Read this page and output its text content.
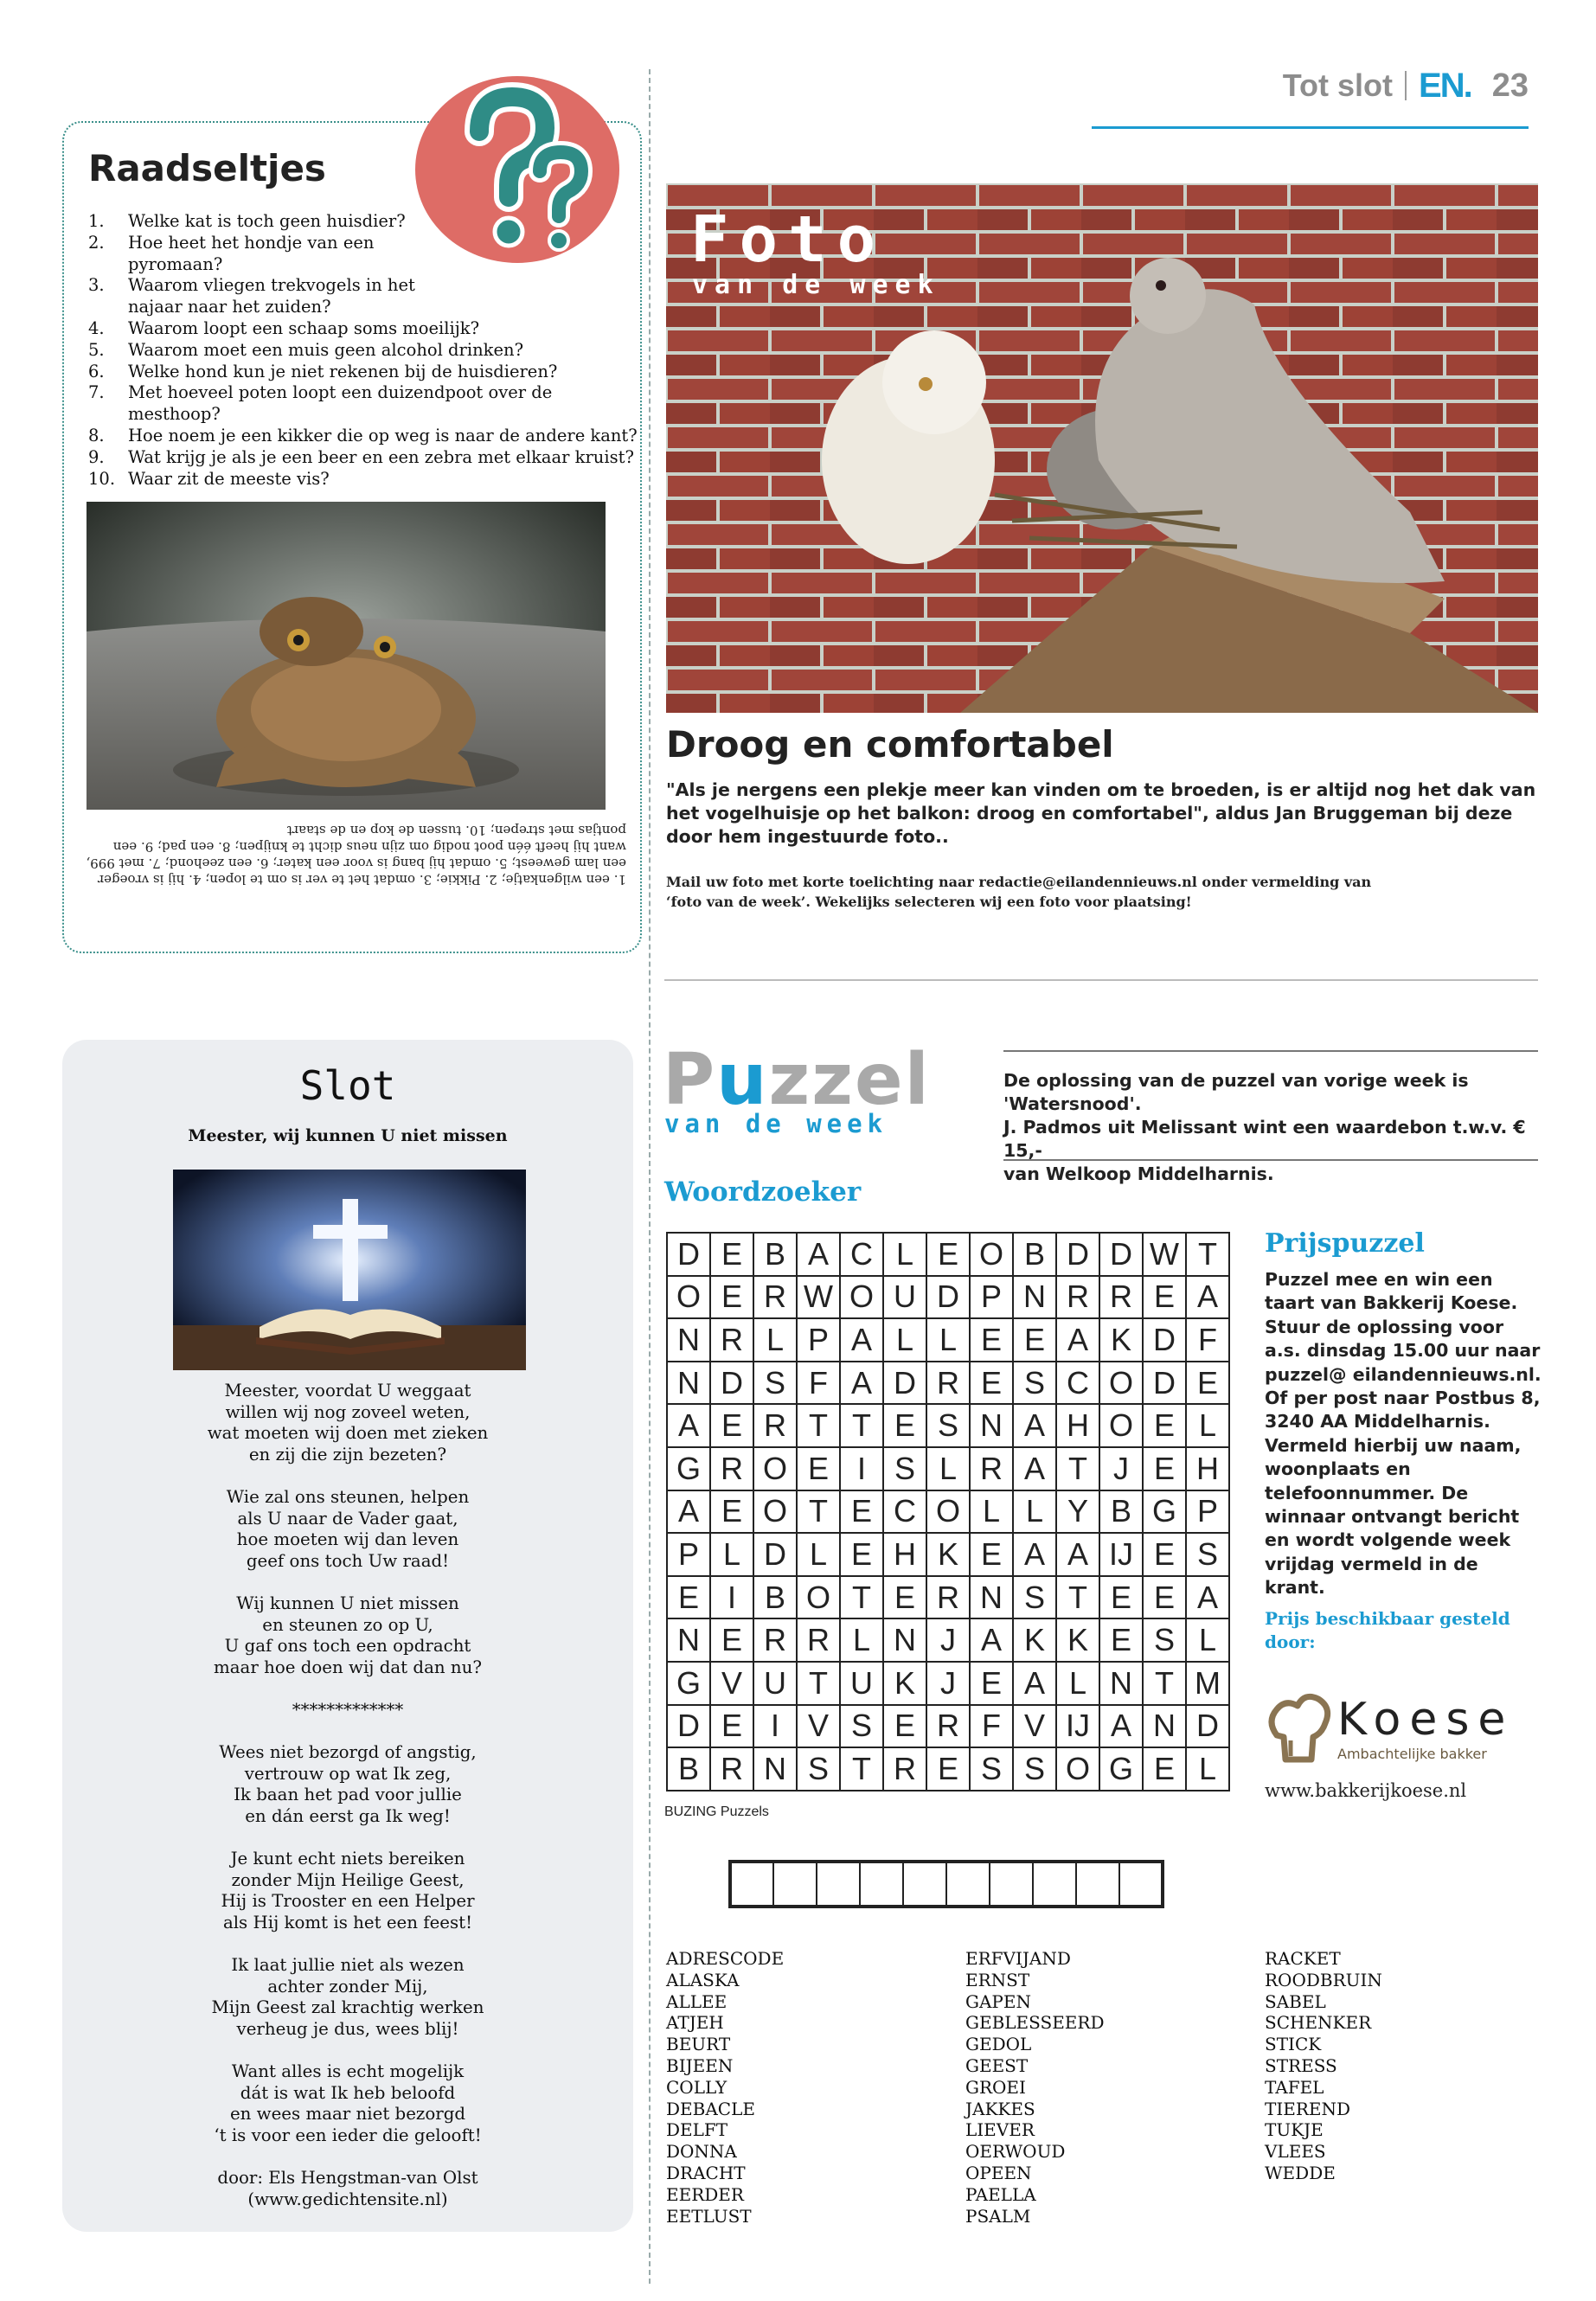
Tot slot EN. 23
Raadseltjes
1.	Welke kat is toch geen huisdier?
2.	Hoe heet het hondje van een pyromaan?
3.	Waarom vliegen trekvogels in het najaar naar het zuiden?
4.	Waarom loopt een schaap soms moeilijk?
5.	Waarom moet een muis geen alcohol drinken?
6.	Welke hond kun je niet rekenen bij de huisdieren?
7.	Met hoeveel poten loopt een duizendpoot over de mesthoop?
8.	Hoe noem je een kikker die op weg is naar de andere kant?
9.	Wat krijg je als je een beer en een zebra met elkaar kruist?
10. Waar zit de meeste vis?
1. een wilgenkatje; 2. Pikkie; 3. omdat het te ver is om te lopen; 4. hij is vroeger een lam geweest; 5. omdat hij bang is voor een kater; 6. een zeehond; 7. met 999, want hij heeft één poot nodig om zijn neus dicht te knijpen; 8. een pad; 9. een pontjas met strepen; 10. tussen de kop en de staart
Foto
van de week
Droog en comfortabel
"Als je nergens een plekje meer kan vinden om te broeden, is er altijd nog het dak van het vogelhuisje op het balkon: droog en comfortabel", aldus Jan Bruggeman bij deze door hem ingestuurde foto..
Mail uw foto met korte toelichting naar redactie@eilandennieuws.nl onder vermelding van
‘foto van de week’. Wekelijks selecteren wij een foto voor plaatsing!
Slot
Meester, wij kunnen U niet missen

Meester, voordat U weggaat
willen wij nog zoveel weten,
wat moeten wij doen met zieken
en zij die zijn bezeten?

Wie zal ons steunen, helpen
als U naar de Vader gaat,
hoe moeten wij dan leven
geef ons toch Uw raad!

Wij kunnen U niet missen
en steunen zo op U,
U gaf ons toch een opdracht
maar hoe doen wij dat dan nu?

*************

Wees niet bezorgd of angstig,
vertrouw op wat Ik zeg,
Ik baan het pad voor jullie
en dán eerst ga Ik weg!

Je kunt echt niets bereiken
zonder Mijn Heilige Geest,
Hij is Trooster en een Helper
als Hij komt is het een feest!

Ik laat jullie niet als wezen
achter zonder Mij,
Mijn Geest zal krachtig werken
verheug je dus, wees blij!

Want alles is echt mogelijk
dát is wat Ik heb beloofd
en wees maar niet bezorgd
‘t is voor een ieder die gelooft!

door: Els Hengstman-van Olst
(www.gedichtensite.nl)

Puzzel
van de week
De oplossing van de puzzel van vorige week is 'Watersnood'.
J. Padmos uit Melissant wint een waardebon t.w.v. € 15,-
van Welkoop Middelharnis.
Woordzoeker
D	E	B	A	C	L	E	O	B	D	D	W	T
O	E	R	W	O	U	D	P	N	R	R	E	A
N	R	L	P	A	L	L	E	E	A	K	D	F
N	D	S	F	A	D	R	E	S	C	O	D	E
A	E	R	T	T	E	S	N	A	H	O	E	L
G	R	O	E	I	S	L	R	A	T	J	E	H
A	E	O	T	E	C	O	L	L	Y	B	G	P
P	L	D	L	E	H	K	E	A	A	IJ	E	S
E	I	B	O	T	E	R	N	S	T	E	E	A
N	E	R	R	L	N	J	A	K	K	E	S	L
G	V	U	T	U	K	J	E	A	L	N	T	M
D	E	I	V	S	E	R	F	V	IJ	A	N	D
B	R	N	S	T	R	E	S	S	O	G	E	L
BUZING Puzzels

ADRESCODE
ALASKA
ALLEE
ATJEH
BEURT
BIJEEN
COLLY
DEBACLE
DELFT
DONNA
DRACHT
EERDER
EETLUST
ERFVIJAND
ERNST
GAPEN
GEBLESSEERD
GEDOL
GEEST
GROEI
JAKKES
LIEVER
OERWOUD
OPEEN
PAELLA
PSALM
RACKET
ROODBRUIN
SABEL
SCHENKER
STICK
STRESS
TAFEL
TIEREND
TUKJE
VLEES
WEDDE
Prijspuzzel
Puzzel mee en win een taart van Bakkerij Koese. Stuur de oplossing voor a.s. dinsdag 15.00 uur naar puzzel@ eilandennieuws.nl. Of per post naar Postbus 8, 3240 AA Middelharnis. Vermeld hierbij uw naam, woonplaats en telefoonnummer. De winnaar ontvangt bericht en wordt volgende week vrijdag vermeld in de krant.
Prijs beschikbaar gesteld door:
Koese
Ambachtelijke bakker
www.bakkerijkoese.nl
